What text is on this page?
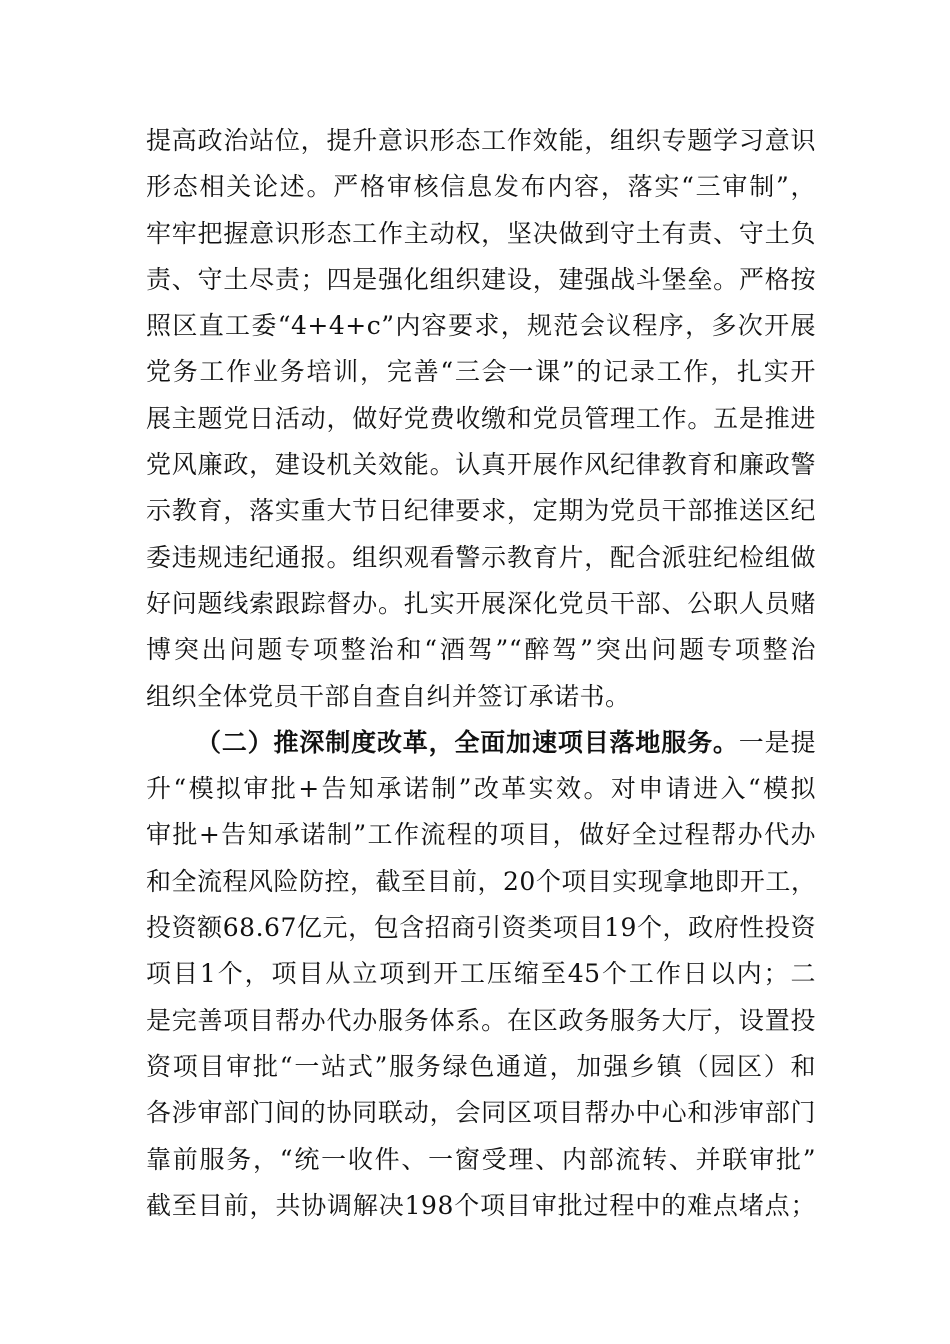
提高政治站位，提升意识形态工作效能，组织专题学习意识
形态相关论述。严格审核信息发布内容，落实“三审制”，
牢牢把握意识形态工作主动权，坚决做到守土有责、守土负
责、守土尽责；四是强化组织建设，建强战斗堡垒。严格按
照区直工委“4+4+c”内容要求，规范会议程序，多次开展
党务工作业务培训，完善“三会一课”的记录工作，扎实开
展主题党日活动，做好党费收缴和党员管理工作。五是推进
党风廉政，建设机关效能。认真开展作风纪律教育和廉政警
示教育，落实重大节日纪律要求，定期为党员干部推送区纪
委违规违纪通报。组织观看警示教育片，配合派驻纪检组做
好问题线索跟踪督办。扎实开展深化党员干部、公职人员赌
博突出问题专项整治和“酒驾”“醉驾”突出问题专项整治
组织全体党员干部自查自纠并签订承诺书。
（二）推深制度改革，全面加速项目落地服务。一是提
升“模拟审批+告知承诺制”改革实效。对申请进入“模拟
审批+告知承诺制”工作流程的项目，做好全过程帮办代办
和全流程风险防控，截至目前，20个项目实现拿地即开工，
投资额68.67亿元，包含招商引资类项目19个，政府性投资
项目1个，项目从立项到开工压缩至45个工作日以内；二
是完善项目帮办代办服务体系。在区政务服务大厅，设置投
资项目审批“一站式”服务绿色通道，加强乡镇（园区）和
各涉审部门间的协同联动，会同区项目帮办中心和涉审部门
靠前服务，“统一收件、一窗受理、内部流转、并联审批”
截至目前，共协调解决198个项目审批过程中的难点堵点；
